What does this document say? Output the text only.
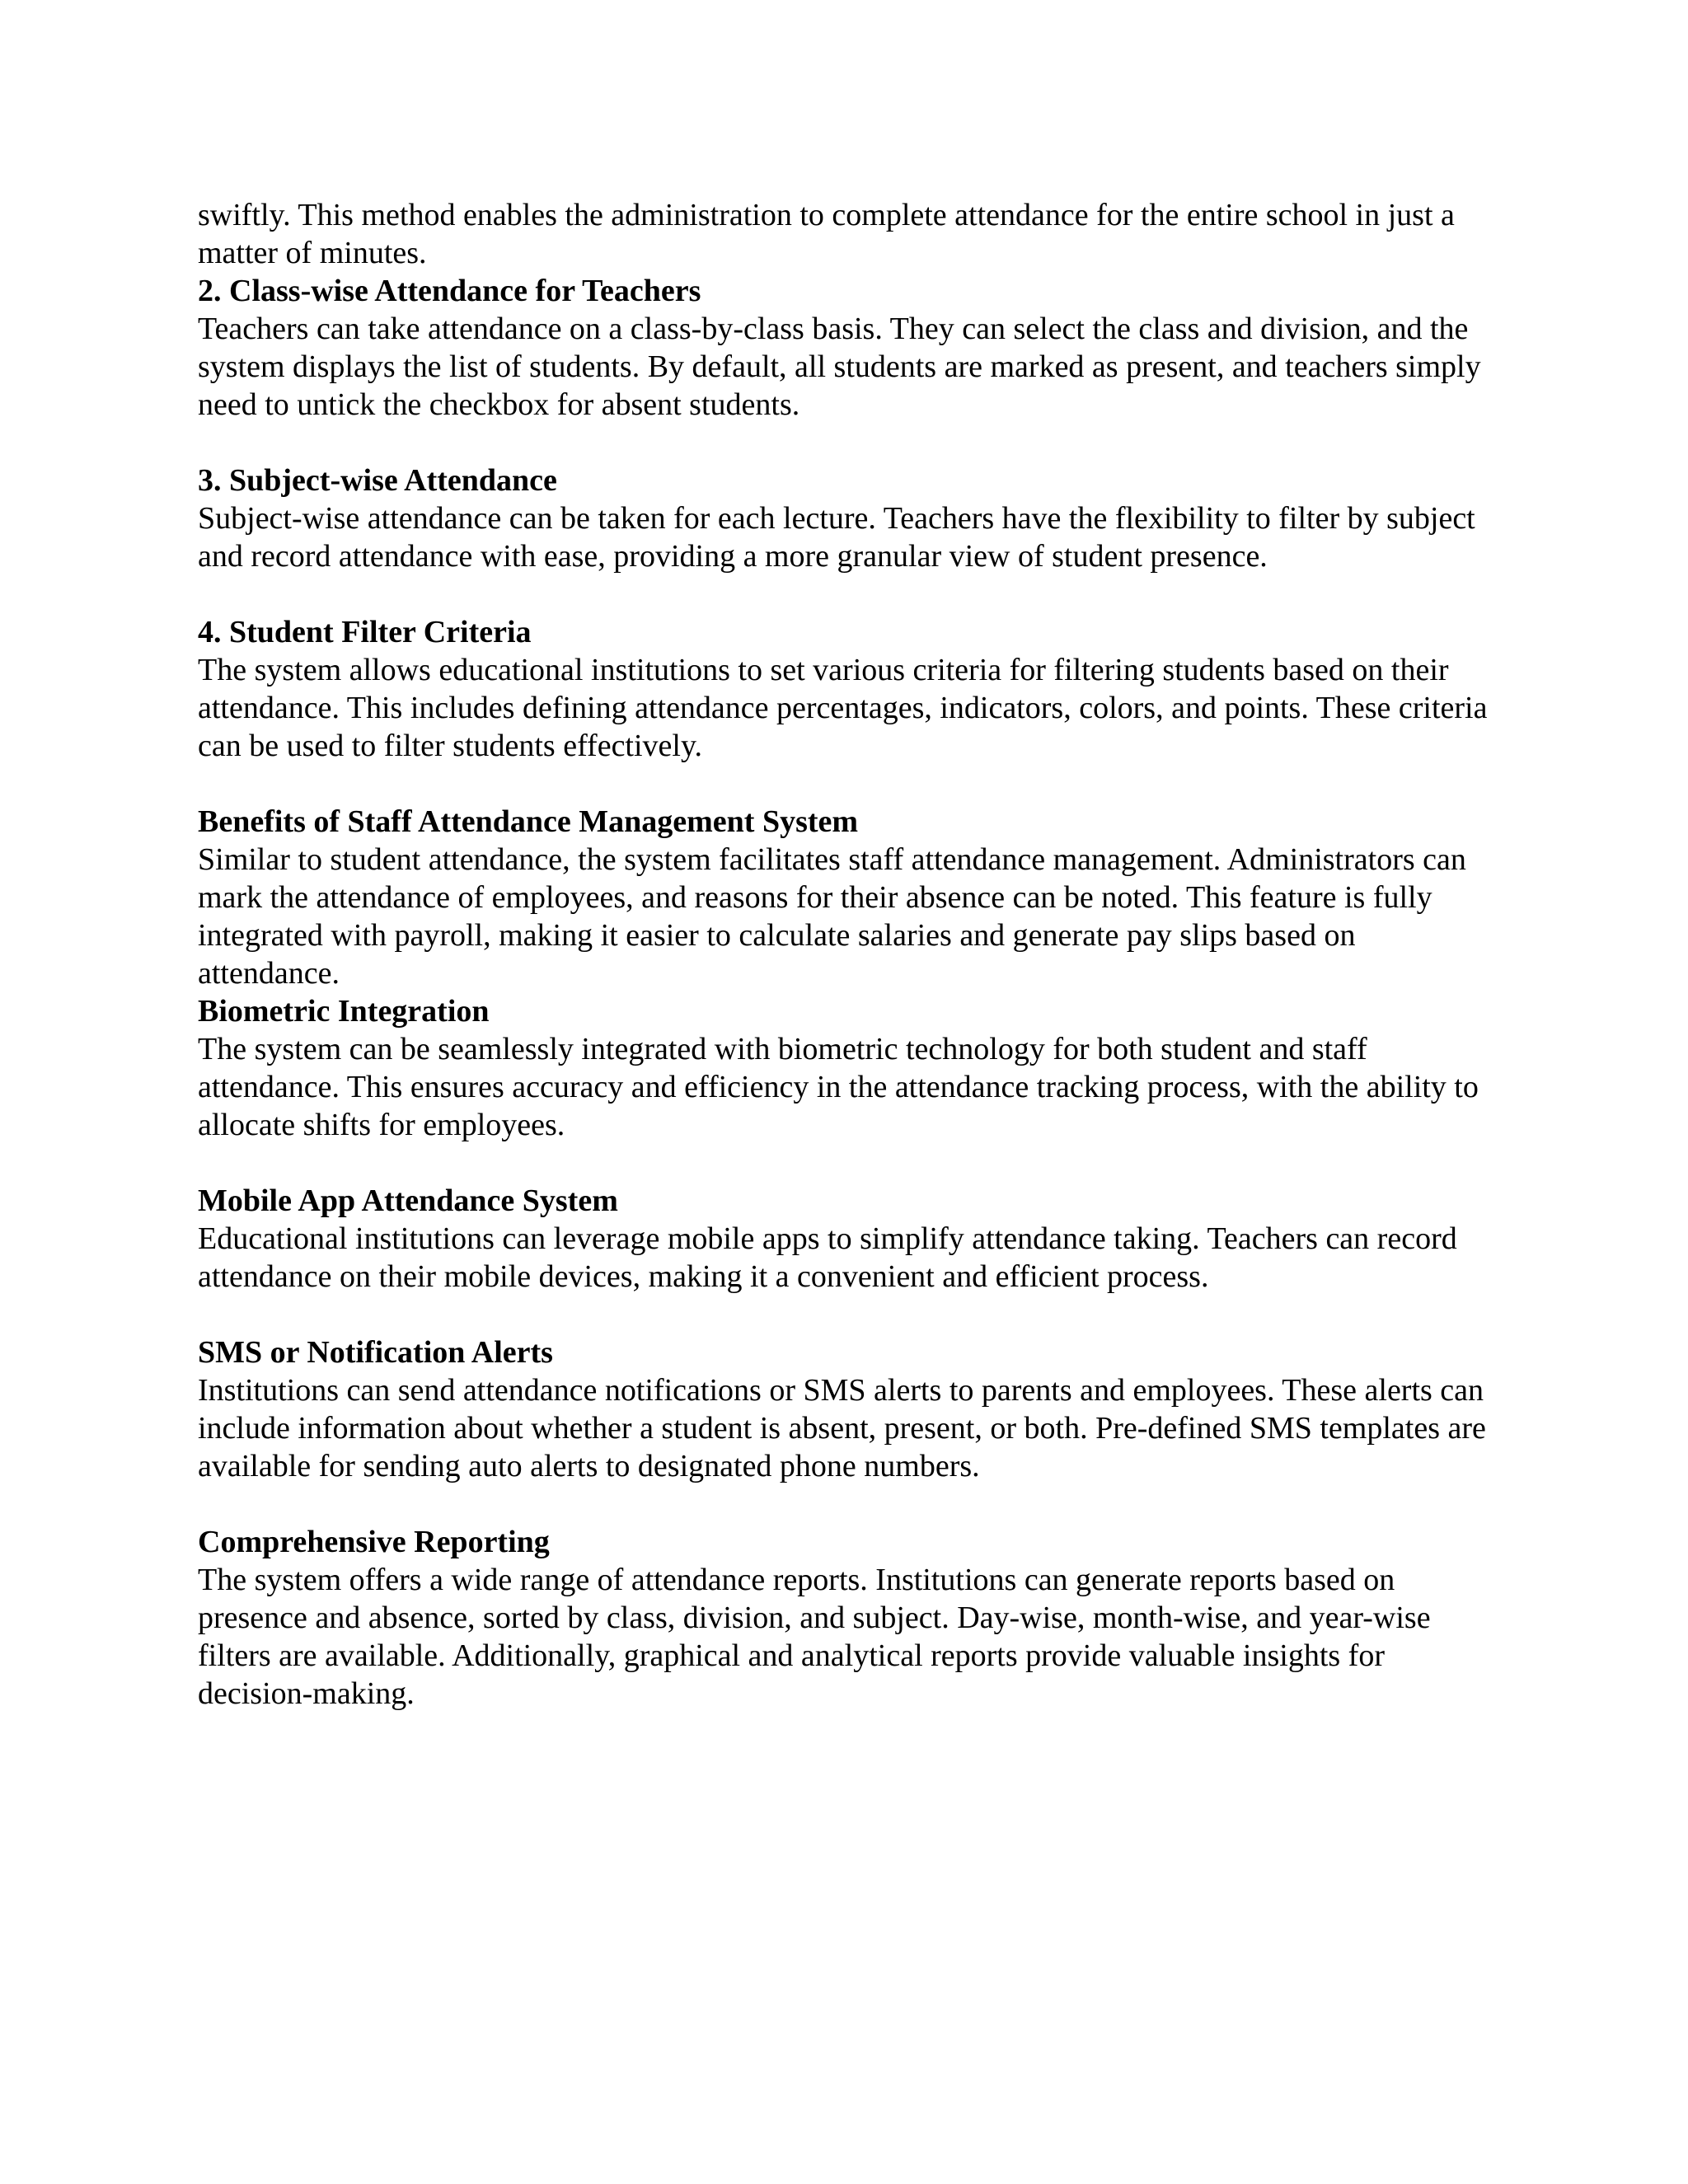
swiftly. This method enables the administration to complete attendance for the entire school in just a matter of minutes.

2. Class-wise Attendance for Teachers

Teachers can take attendance on a class-by-class basis. They can select the class and division, and the system displays the list of students. By default, all students are marked as present, and teachers simply need to untick the checkbox for absent students.

3. Subject-wise Attendance

Subject-wise attendance can be taken for each lecture. Teachers have the flexibility to filter by subject and record attendance with ease, providing a more granular view of student presence.

4. Student Filter Criteria

The system allows educational institutions to set various criteria for filtering students based on their attendance. This includes defining attendance percentages, indicators, colors, and points. These criteria can be used to filter students effectively.

Benefits of Staff Attendance Management System

Similar to student attendance, the system facilitates staff attendance management. Administrators can mark the attendance of employees, and reasons for their absence can be noted. This feature is fully integrated with payroll, making it easier to calculate salaries and generate pay slips based on attendance.

Biometric Integration

The system can be seamlessly integrated with biometric technology for both student and staff attendance. This ensures accuracy and efficiency in the attendance tracking process, with the ability to allocate shifts for employees.

Mobile App Attendance System

Educational institutions can leverage mobile apps to simplify attendance taking. Teachers can record attendance on their mobile devices, making it a convenient and efficient process.

SMS or Notification Alerts

Institutions can send attendance notifications or SMS alerts to parents and employees. These alerts can include information about whether a student is absent, present, or both. Pre-defined SMS templates are available for sending auto alerts to designated phone numbers.

Comprehensive Reporting

The system offers a wide range of attendance reports. Institutions can generate reports based on presence and absence, sorted by class, division, and subject. Day-wise, month-wise, and year-wise filters are available. Additionally, graphical and analytical reports provide valuable insights for decision-making.
